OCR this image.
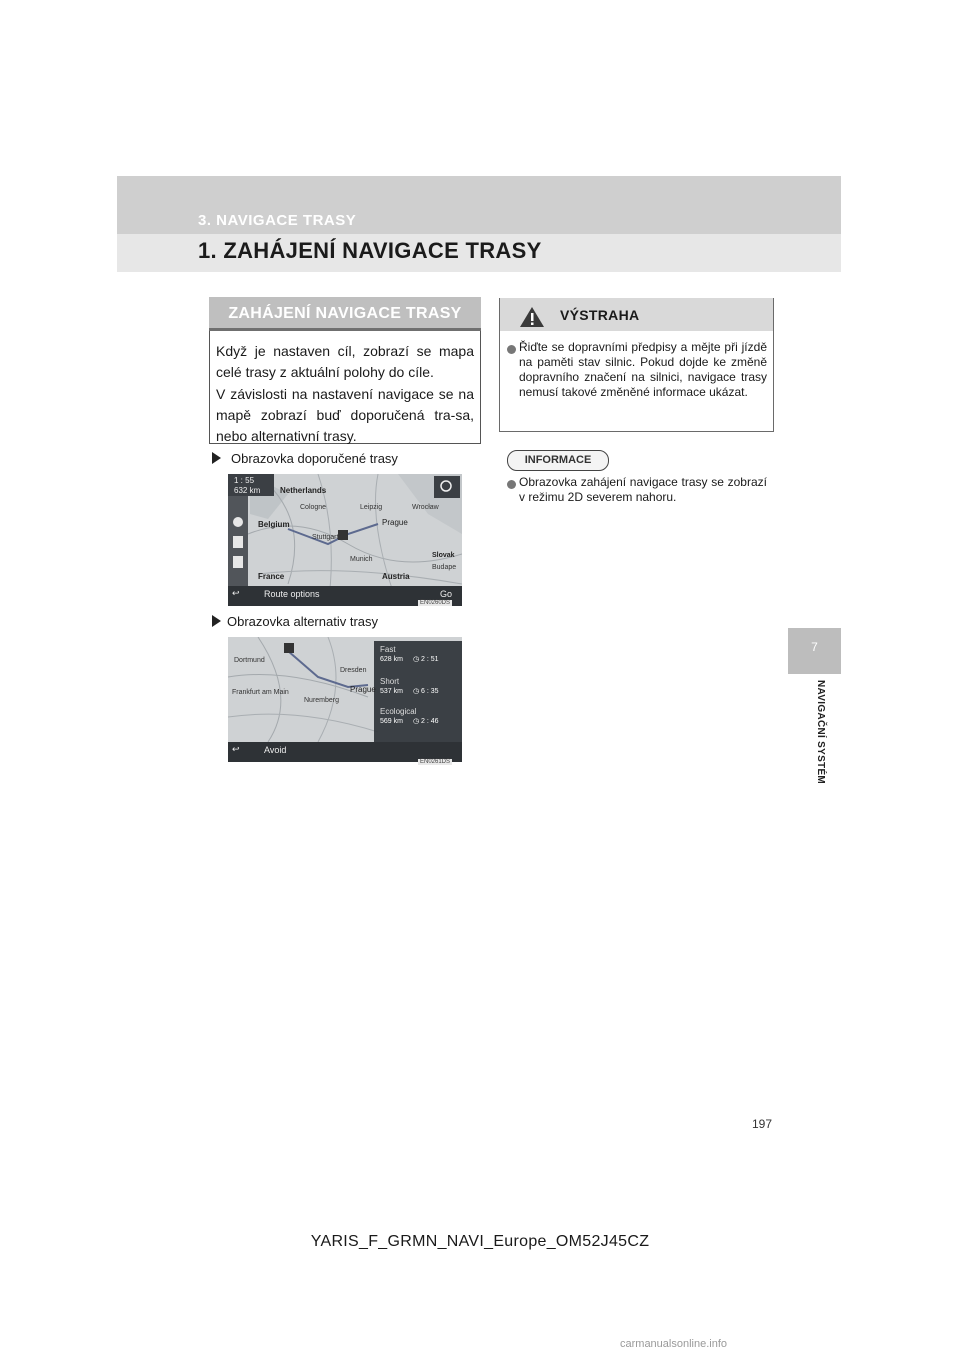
3. NAVIGACE TRASY
1. ZAHÁJENÍ NAVIGACE TRASY
7
NAVIGAČNÍ SYSTÉM
ZAHÁJENÍ NAVIGACE TRASY
Když je nastaven cíl, zobrazí se mapa celé trasy z aktuální polohy do cíle.
V závislosti na nastavení navigace se na mapě zobrazí buď doporučená tra-sa, nebo alternativní trasy.
Obrazovka doporučené trasy
1 : 55
632 km Netherlands
Leipzig	Wrocław
Cologne
Belgium	Prague
Stuttgart
Munich
Slovak
France	Austria
Budape
↩	Route options	Go
EN0260DS
Obrazovka alternativ trasy
Dortmund
Dresden
Frankfurt am Main	Prague
Nuremberg
Fast
628 km ◷ 2 : 51
Short
537 km ◷ 6 : 35
Ecological
569 km ◷ 2 : 46
↩	Avoid
EN0261DS
VÝSTRAHA
Řiďte se dopravními předpisy a mějte při jízdě na paměti stav silnic. Pokud dojde ke změně dopravního značení na silnici, navigace trasy nemusí takové změněné informace ukázat.
INFORMACE
Obrazovka zahájení navigace trasy se zobrazí v režimu 2D severem nahoru.
197
YARIS_F_GRMN_NAVI_Europe_OM52J45CZ
carmanualsonline.info
